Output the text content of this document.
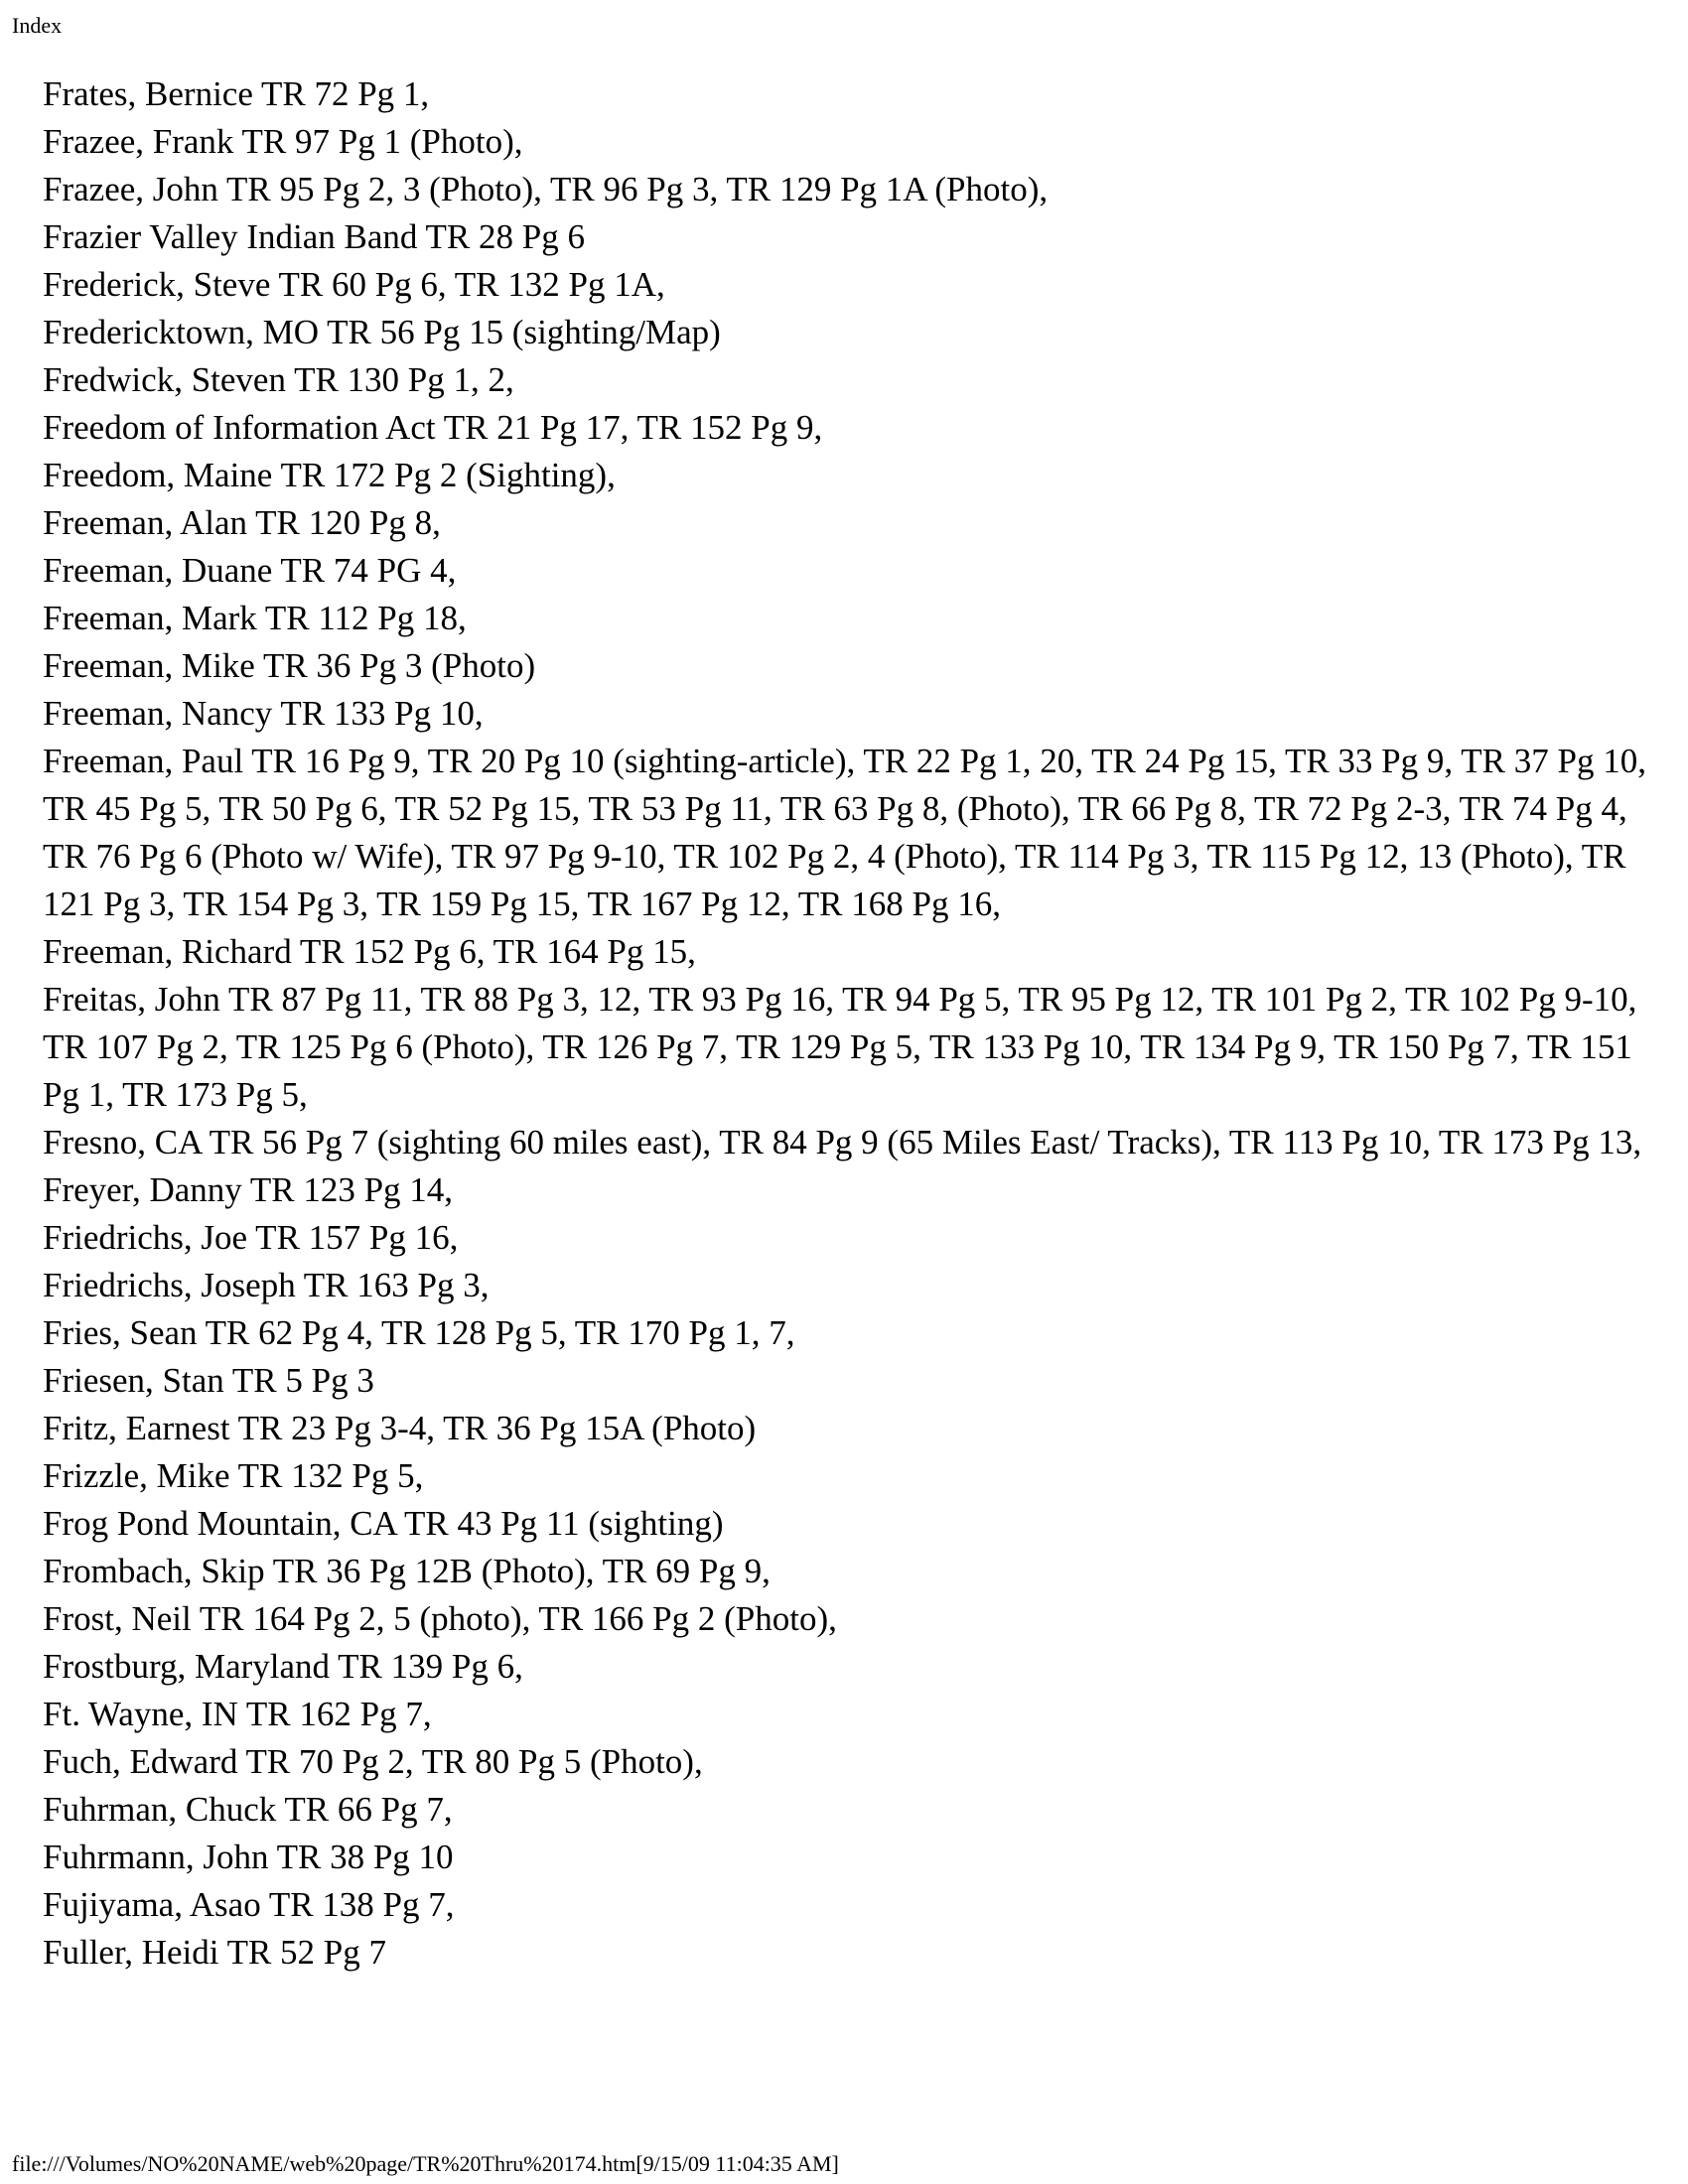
Index
Frates, Bernice TR 72 Pg 1,
Frazee, Frank TR 97 Pg 1 (Photo),
Frazee, John TR 95 Pg 2, 3 (Photo), TR 96 Pg 3, TR 129 Pg 1A (Photo),
Frazier Valley Indian Band TR 28 Pg 6
Frederick, Steve TR 60 Pg 6, TR 132 Pg 1A,
Fredericktown, MO TR 56 Pg 15 (sighting/Map)
Fredwick, Steven TR 130 Pg 1, 2,
Freedom of Information Act TR 21 Pg 17, TR 152 Pg 9,
Freedom, Maine TR 172 Pg 2 (Sighting),
Freeman, Alan TR 120 Pg 8,
Freeman, Duane TR 74 PG 4,
Freeman, Mark TR 112 Pg 18,
Freeman, Mike TR 36 Pg 3 (Photo)
Freeman, Nancy TR 133 Pg 10,
Freeman, Paul TR 16 Pg 9, TR 20 Pg 10 (sighting-article), TR 22 Pg 1, 20, TR 24 Pg 15, TR 33 Pg 9, TR 37 Pg 10, TR 45 Pg 5, TR 50 Pg 6, TR 52 Pg 15, TR 53 Pg 11, TR 63 Pg 8, (Photo), TR 66 Pg 8, TR 72 Pg 2-3, TR 74 Pg 4, TR 76 Pg 6 (Photo w/ Wife), TR 97 Pg 9-10, TR 102 Pg 2, 4 (Photo), TR 114 Pg 3, TR 115 Pg 12, 13 (Photo), TR 121 Pg 3, TR 154 Pg 3, TR 159 Pg 15, TR 167 Pg 12, TR 168 Pg 16,
Freeman, Richard TR 152 Pg 6, TR 164 Pg 15,
Freitas, John TR 87 Pg 11, TR 88 Pg 3, 12, TR 93 Pg 16, TR 94 Pg 5, TR 95 Pg 12, TR 101 Pg 2, TR 102 Pg 9-10, TR 107 Pg 2, TR 125 Pg 6 (Photo), TR 126 Pg 7, TR 129 Pg 5, TR 133 Pg 10, TR 134 Pg 9, TR 150 Pg 7, TR 151 Pg 1, TR 173 Pg 5,
Fresno, CA TR 56 Pg 7 (sighting 60 miles east), TR 84 Pg 9 (65 Miles East/ Tracks), TR 113 Pg 10, TR 173 Pg 13,
Freyer, Danny TR 123 Pg 14,
Friedrichs, Joe TR 157 Pg 16,
Friedrichs, Joseph TR 163 Pg 3,
Fries, Sean TR 62 Pg 4, TR 128 Pg 5, TR 170 Pg 1, 7,
Friesen, Stan TR 5 Pg 3
Fritz, Earnest TR 23 Pg 3-4, TR 36 Pg 15A (Photo)
Frizzle, Mike TR 132 Pg 5,
Frog Pond Mountain, CA TR 43 Pg 11 (sighting)
Frombach, Skip TR 36 Pg 12B (Photo), TR 69 Pg 9,
Frost, Neil TR 164 Pg 2, 5 (photo), TR 166 Pg 2 (Photo),
Frostburg, Maryland TR 139 Pg 6,
Ft. Wayne, IN TR 162 Pg 7,
Fuch, Edward TR 70 Pg 2, TR 80 Pg 5 (Photo),
Fuhrman, Chuck TR 66 Pg 7,
Fuhrmann, John TR 38 Pg 10
Fujiyama, Asao TR 138 Pg 7,
Fuller, Heidi TR 52 Pg 7
file:///Volumes/NO%20NAME/web%20page/TR%20Thru%20174.htm[9/15/09 11:04:35 AM]
